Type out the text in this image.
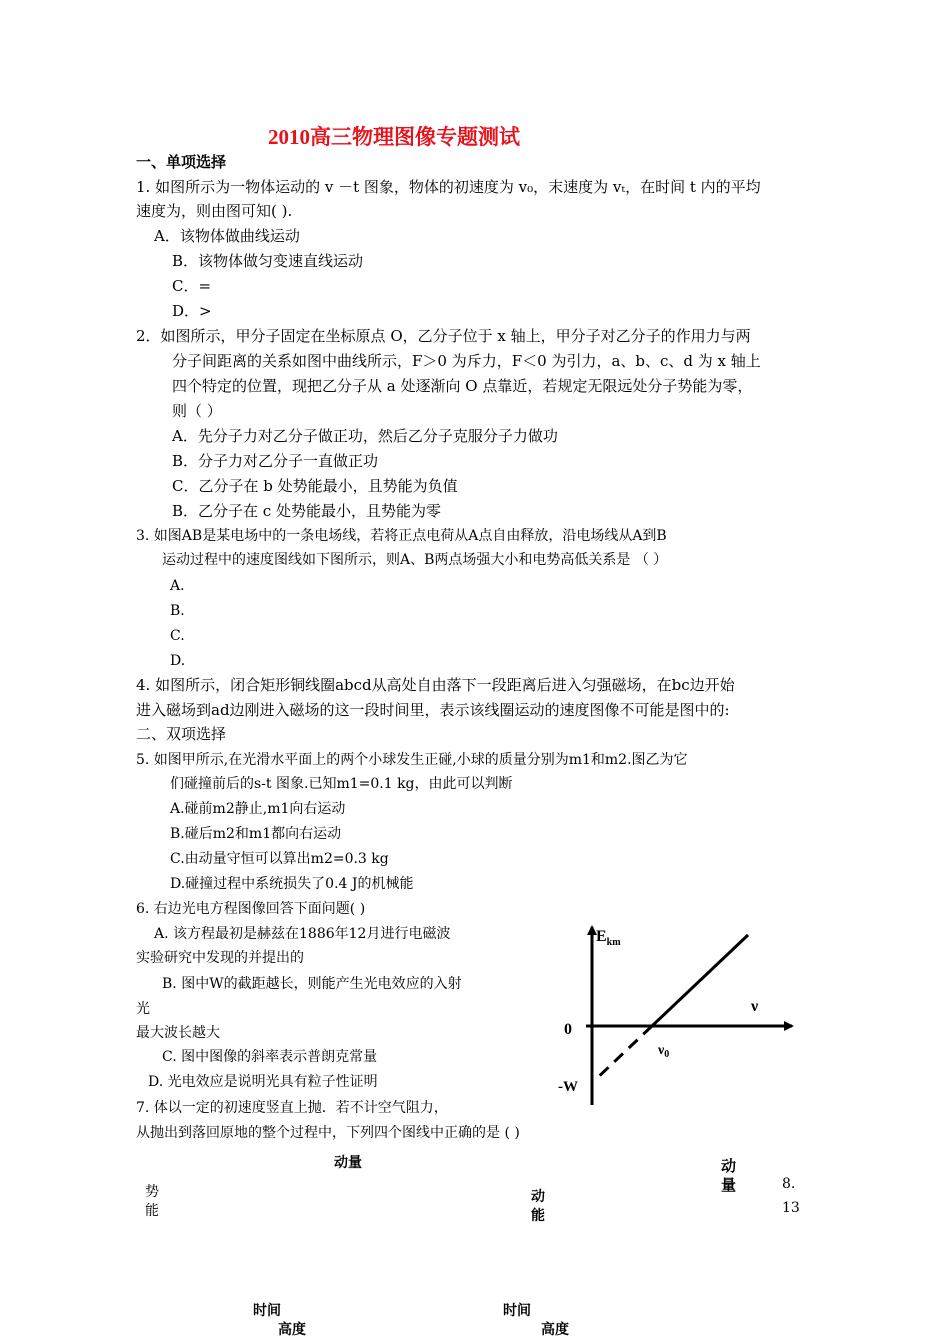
2010高三物理图像专题测试
一、单项选择
1. 如图所示为一物体运动的 v －t 图象，物体的初速度为 v₀，末速度为 vₜ，在时间 t 内的平均
速度为，则由图可知( ).
A．该物体做曲线运动
B．该物体做匀变速直线运动
C．=
D．>
2．如图所示，甲分子固定在坐标原点 O，乙分子位于 x 轴上，甲分子对乙分子的作用力与两
分子间距离的关系如图中曲线所示，F＞0 为斥力，F＜0 为引力，a、b、c、d 为 x 轴上
四个特定的位置，现把乙分子从 a 处逐渐向 O 点靠近，若规定无限远处分子势能为零，
则（ ）
A．先分子力对乙分子做正功，然后乙分子克服分子力做功
B．分子力对乙分子一直做正功
C．乙分子在 b 处势能最小，且势能为负值
B．乙分子在 c 处势能最小，且势能为零
3. 如图AB是某电场中的一条电场线，若将正点电荷从A点自由释放，沿电场线从A到B
运动过程中的速度图线如下图所示，则A、B两点场强大小和电势高低关系是 （ ）
A.
B.
C.
D.
4. 如图所示，闭合矩形铜线圈abcd从高处自由落下一段距离后进入匀强磁场，在bc边开始
进入磁场到ad边刚进入磁场的这一段时间里，表示该线圈运动的速度图像不可能是图中的:
二、双项选择
5. 如图甲所示,在光滑水平面上的两个小球发生正碰,小球的质量分别为m1和m2.图乙为它
们碰撞前后的s-t 图象.已知m1=0.1 kg，由此可以判断
A.碰前m2静止,m1向右运动
B.碰后m2和m1都向右运动
C.由动量守恒可以算出m2=0.3 kg
D.碰撞过程中系统损失了0.4 J的机械能
6. 右边光电方程图像回答下面问题( )
A. 该方程最初是赫兹在1886年12月进行电磁波
实验研究中发现的并提出的
B. 图中W的截距越长，则能产生光电效应的入射
光
最大波长越大
C. 图中图像的斜率表示普朗克常量
D. 光电效应是说明光具有粒子性证明
$E_{km}$
ν
0
$\nu_0$
-W
7. 体以一定的初速度竖直上抛．若不计空气阻力，
从抛出到落回原地的整个过程中，下列四个图线中正确的是 ( )
动量
势
能
动
能
动
量	8.
13
时间	时间
高度	高度
